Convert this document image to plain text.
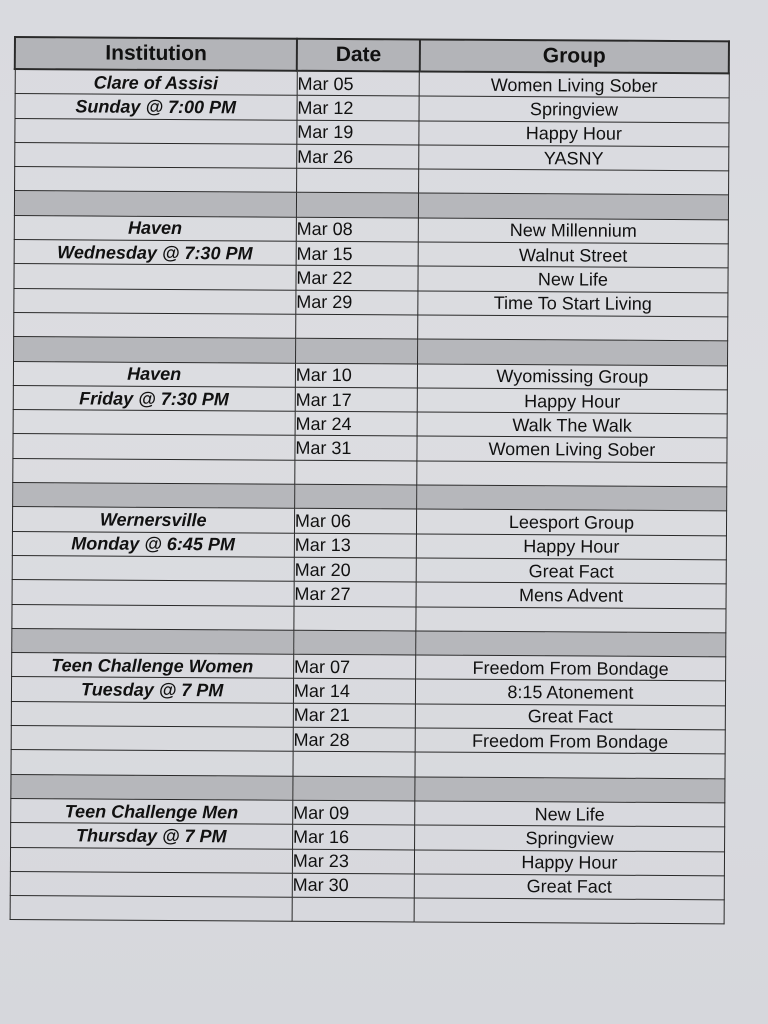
Institution	Date	Group
Clare of Assisi	Mar 05	Women Living Sober
Sunday @ 7:00 PM	Mar 12	Springview
	Mar 19	Happy Hour
	Mar 26	YASNY

Haven	Mar 08	New Millennium
Wednesday @ 7:30 PM	Mar 15	Walnut Street
	Mar 22	New Life
	Mar 29	Time To Start Living

Haven	Mar 10	Wyomissing Group
Friday @ 7:30 PM	Mar 17	Happy Hour
	Mar 24	Walk The Walk
	Mar 31	Women Living Sober

Wernersville	Mar 06	Leesport Group
Monday @ 6:45 PM	Mar 13	Happy Hour
	Mar 20	Great Fact
	Mar 27	Mens Advent

Teen Challenge Women	Mar 07	Freedom From Bondage
Tuesday @ 7 PM	Mar 14	8:15 Atonement
	Mar 21	Great Fact
	Mar 28	Freedom From Bondage

Teen Challenge Men	Mar 09	New Life
Thursday @ 7 PM	Mar 16	Springview
	Mar 23	Happy Hour
	Mar 30	Great Fact
